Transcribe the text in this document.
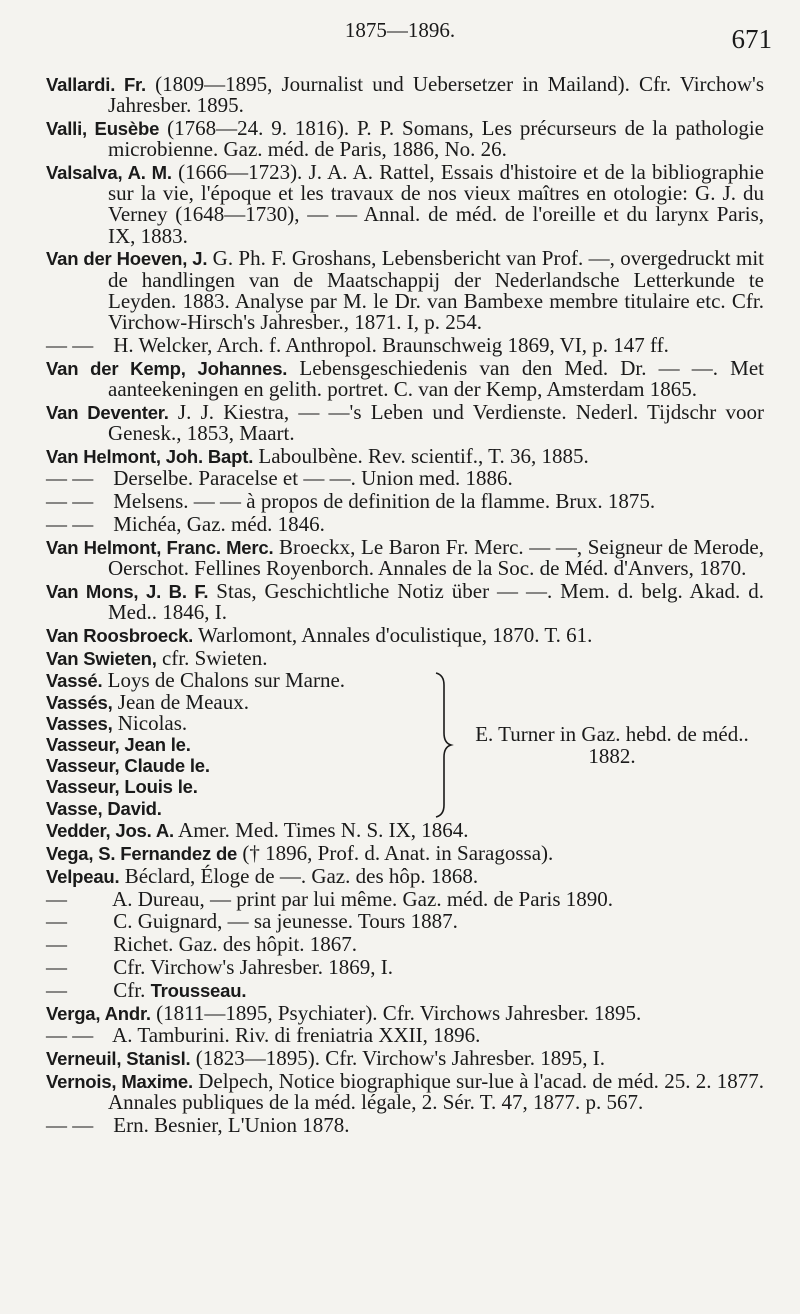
1875—1896.	671
Vallardi. Fr. (1809—1895, Journalist und Uebersetzer in Mailand). Cfr. Virchow's Jahresber. 1895.
Valli, Eusèbe (1768—24. 9. 1816). P. P. Somans, Les précurseurs de la pathologie microbienne. Gaz. méd. de Paris, 1886, No. 26.
Valsalva, A. M. (1666—1723). J. A. A. Rattel, Essais d'histoire et de la bibliographie sur la vie, l'époque et les travaux de nos vieux maîtres en otologie: G. J. du Verney (1648—1730), — — Annal. de méd. de l'oreille et du larynx Paris, IX, 1883.
Van der Hoeven, J. G. Ph. F. Groshans, Lebensbericht van Prof. —, overgedruckt mit de handlingen van de Maatschappij der Nederlandsche Letterkunde te Leyden. 1883. Analyse par M. le Dr. van Bambexe membre titulaire etc. Cfr. Virchow-Hirsch's Jahresber., 1871. I, p. 254.
— — H. Welcker, Arch. f. Anthropol. Braunschweig 1869, VI, p. 147 ff.
Van der Kemp, Johannes. Lebensgeschiedenis van den Med. Dr. — —. Met aanteekeningen en gelith. portret. C. van der Kemp, Amsterdam 1865.
Van Deventer. J. J. Kiestra, — —'s Leben und Verdienste. Nederl. Tijdschr voor Genesk., 1853, Maart.
Van Helmont, Joh. Bapt. Laboulbène. Rev. scientif., T. 36, 1885.
— — Derselbe. Paracelse et — —. Union med. 1886.
— — Melsens. — — à propos de definition de la flamme. Brux. 1875.
— — Michéa, Gaz. méd. 1846.
Van Helmont, Franc. Merc. Broeckx, Le Baron Fr. Merc. — —, Seigneur de Merode, Oerschot. Fellines Royenborch. Annales de la Soc. de Méd. d'Anvers, 1870.
Van Mons, J. B. F. Stas, Geschichtliche Notiz über — —. Mem. d. belg. Akad. d. Med.. 1846, I.
Van Roosbroeck. Warlomont, Annales d'oculistique, 1870. T. 61.
Van Swieten, cfr. Swieten.
Vassé. Loys de Chalons sur Marne.
Vassés, Jean de Meaux.
Vasses, Nicolas.
Vasseur, Jean le.
Vasseur, Claude le.
Vasseur, Louis le.
Vasse, David.
E. Turner in Gaz. hebd. de méd.. 1882.
Vedder, Jos. A. Amer. Med. Times N. S. IX, 1864.
Vega, S. Fernandez de († 1896, Prof. d. Anat. in Saragossa).
Velpeau. Béclard, Éloge de —. Gaz. des hôp. 1868.
— A. Dureau, — print par lui même. Gaz. méd. de Paris 1890.
— C. Guignard, — sa jeunesse. Tours 1887.
— Richet. Gaz. des hôpit. 1867.
— Cfr. Virchow's Jahresber. 1869, I.
— Cfr. Trousseau.
Verga, Andr. (1811—1895, Psychiater). Cfr. Virchows Jahresber. 1895.
— — A. Tamburini. Riv. di freniatria XXII, 1896.
Verneuil, Stanisl. (1823—1895). Cfr. Virchow's Jahresber. 1895, I.
Vernois, Maxime. Delpech, Notice biographique sur-lue à l'acad. de méd. 25. 2. 1877. Annales publiques de la méd. légale, 2. Sér. T. 47, 1877. p. 567.
— — Ern. Besnier, L'Union 1878.
